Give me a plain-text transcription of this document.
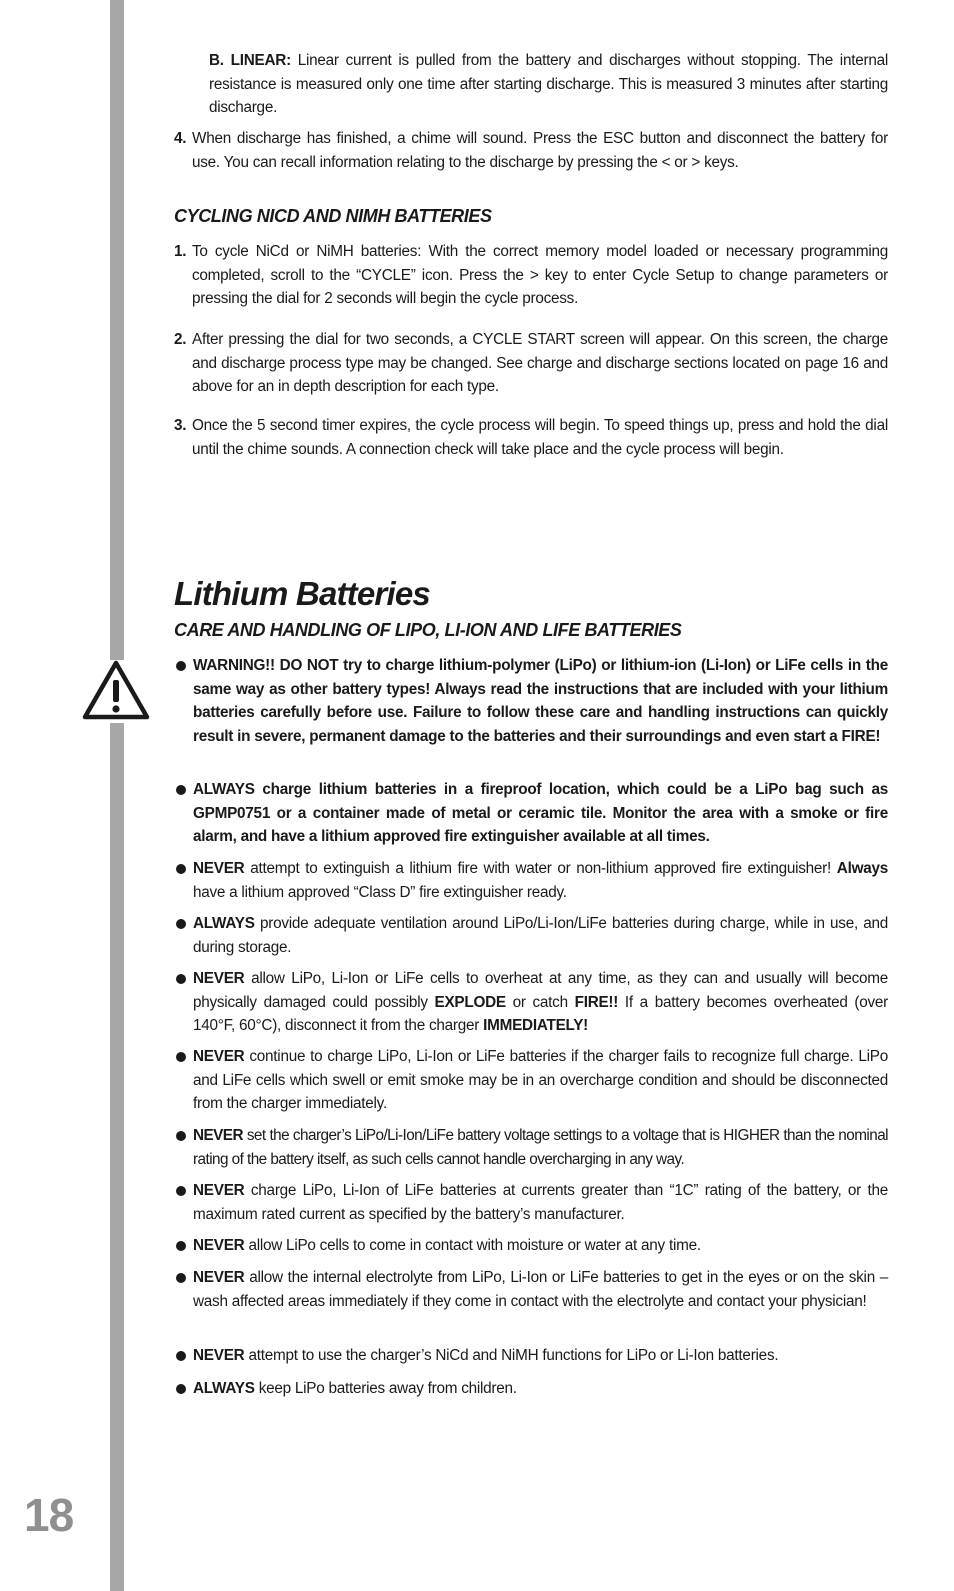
18
B. LINEAR: Linear current is pulled from the battery and discharges without stopping. The internal resistance is measured only one time after starting discharge. This is measured 3 minutes after starting discharge.
4. When discharge has finished, a chime will sound. Press the ESC button and disconnect the battery for use. You can recall information relating to the discharge by pressing the < or > keys.
CYCLING NICD AND NIMH BATTERIES
1. To cycle NiCd or NiMH batteries: With the correct memory model loaded or necessary programming completed, scroll to the “CYCLE” icon. Press the > key to enter Cycle Setup to change parameters or pressing the dial for 2 seconds will begin the cycle process.
2. After pressing the dial for two seconds, a CYCLE START screen will appear. On this screen, the charge and discharge process type may be changed. See charge and discharge sections located on page 16 and above for an in depth description for each type.
3. Once the 5 second timer expires, the cycle process will begin. To speed things up, press and hold the dial until the chime sounds. A connection check will take place and the cycle process will begin.
Lithium Batteries
CARE AND HANDLING OF LIPO, LI-ION AND LIFE BATTERIES
WARNING!! DO NOT try to charge lithium-polymer (LiPo) or lithium-ion (Li-Ion) or LiFe cells in the same way as other battery types! Always read the instructions that are included with your lithium batteries carefully before use. Failure to follow these care and handling instructions can quickly result in severe, permanent damage to the batteries and their surroundings and even start a FIRE!
ALWAYS charge lithium batteries in a fireproof location, which could be a LiPo bag such as GPMP0751 or a container made of metal or ceramic tile. Monitor the area with a smoke or fire alarm, and have a lithium approved fire extinguisher available at all times.
NEVER attempt to extinguish a lithium fire with water or non-lithium approved fire extinguisher! Always have a lithium approved “Class D” fire extinguisher ready.
ALWAYS provide adequate ventilation around LiPo/Li-Ion/LiFe batteries during charge, while in use, and during storage.
NEVER allow LiPo, Li-Ion or LiFe cells to overheat at any time, as they can and usually will become physically damaged could possibly EXPLODE or catch FIRE!! If a battery becomes overheated (over 140°F, 60°C), disconnect it from the charger IMMEDIATELY!
NEVER continue to charge LiPo, Li-Ion or LiFe batteries if the charger fails to recognize full charge. LiPo and LiFe cells which swell or emit smoke may be in an overcharge condition and should be disconnected from the charger immediately.
NEVER set the charger’s LiPo/Li-Ion/LiFe battery voltage settings to a voltage that is HIGHER than the nominal rating of the battery itself, as such cells cannot handle overcharging in any way.
NEVER charge LiPo, Li-Ion of LiFe batteries at currents greater than “1C” rating of the battery, or the maximum rated current as specified by the battery’s manufacturer.
NEVER allow LiPo cells to come in contact with moisture or water at any time.
NEVER allow the internal electrolyte from LiPo, Li-Ion or LiFe batteries to get in the eyes or on the skin – wash affected areas immediately if they come in contact with the electrolyte and contact your physician!
NEVER attempt to use the charger’s NiCd and NiMH functions for LiPo or Li-Ion batteries.
ALWAYS keep LiPo batteries away from children.
